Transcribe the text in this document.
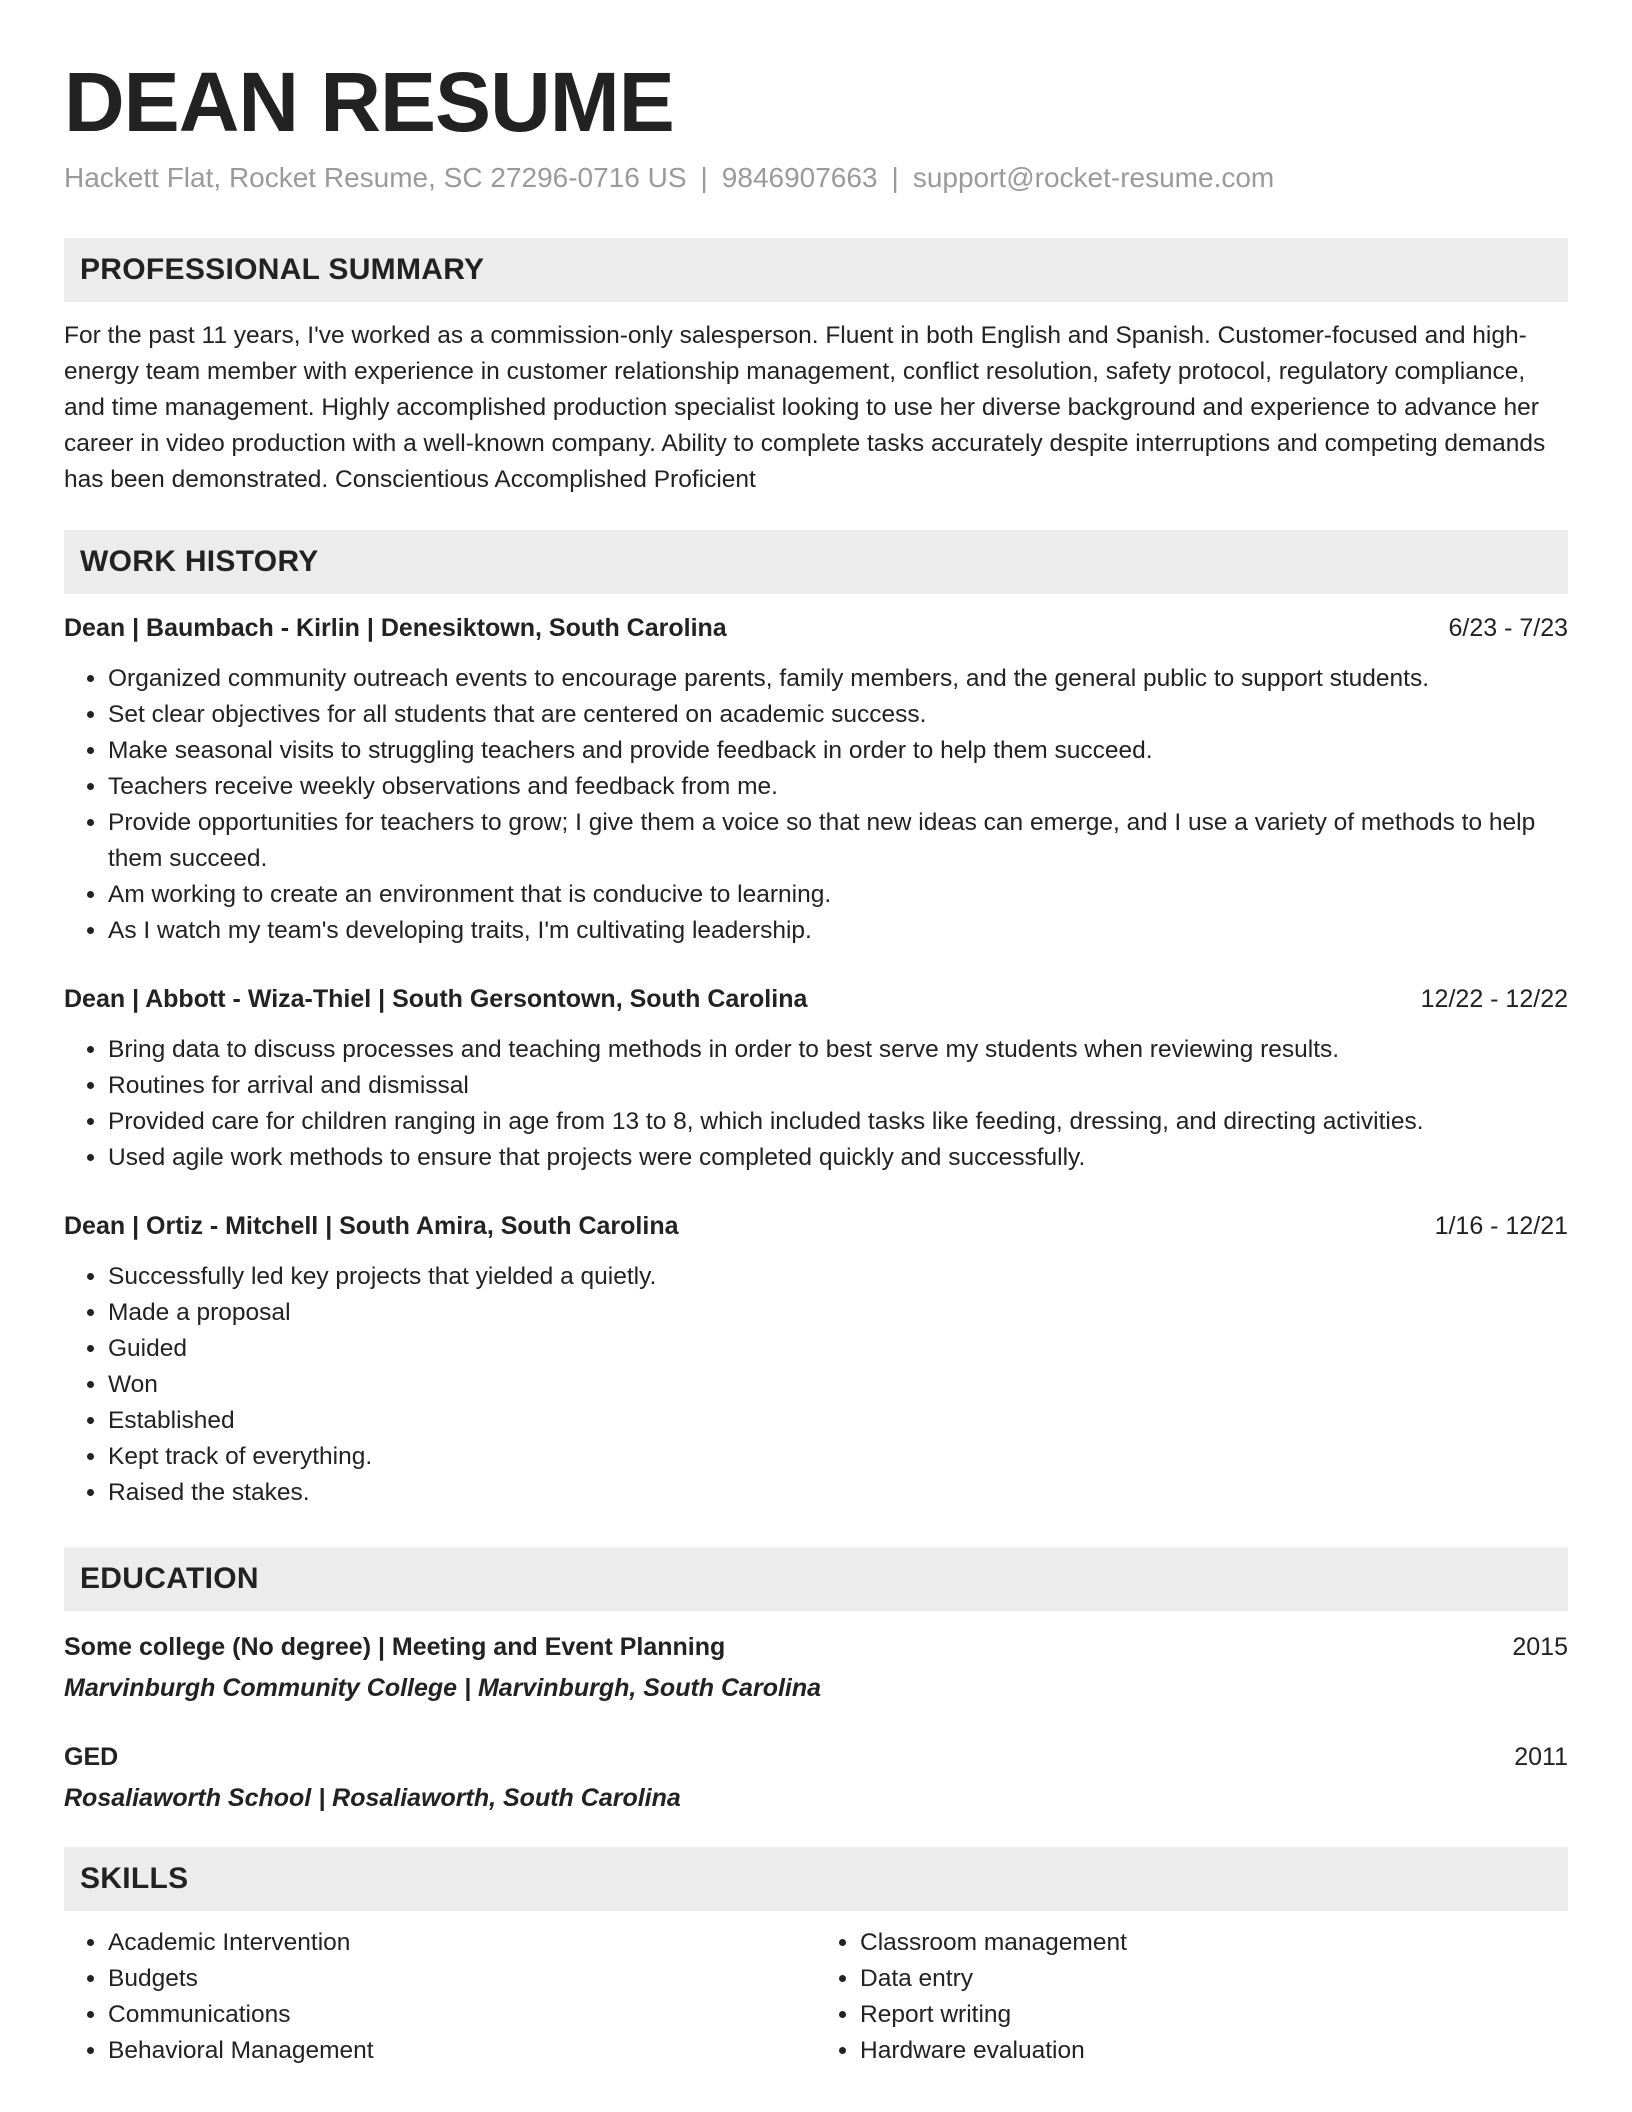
DEAN RESUME
Hackett Flat, Rocket Resume, SC 27296-0716 US | 9846907663 | support@rocket-resume.com
PROFESSIONAL SUMMARY
For the past 11 years, I've worked as a commission-only salesperson. Fluent in both English and Spanish. Customer-focused and high-energy team member with experience in customer relationship management, conflict resolution, safety protocol, regulatory compliance, and time management. Highly accomplished production specialist looking to use her diverse background and experience to advance her career in video production with a well-known company. Ability to complete tasks accurately despite interruptions and competing demands has been demonstrated. Conscientious Accomplished Proficient
WORK HISTORY
Dean | Baumbach - Kirlin | Denesiktown, South Carolina	6/23 - 7/23
• Organized community outreach events to encourage parents, family members, and the general public to support students.
• Set clear objectives for all students that are centered on academic success.
• Make seasonal visits to struggling teachers and provide feedback in order to help them succeed.
• Teachers receive weekly observations and feedback from me.
• Provide opportunities for teachers to grow; I give them a voice so that new ideas can emerge, and I use a variety of methods to help them succeed.
• Am working to create an environment that is conducive to learning.
• As I watch my team's developing traits, I'm cultivating leadership.
Dean | Abbott - Wiza-Thiel | South Gersontown, South Carolina	12/22 - 12/22
• Bring data to discuss processes and teaching methods in order to best serve my students when reviewing results.
• Routines for arrival and dismissal
• Provided care for children ranging in age from 13 to 8, which included tasks like feeding, dressing, and directing activities.
• Used agile work methods to ensure that projects were completed quickly and successfully.
Dean | Ortiz - Mitchell | South Amira, South Carolina	1/16 - 12/21
• Successfully led key projects that yielded a quietly.
• Made a proposal
• Guided
• Won
• Established
• Kept track of everything.
• Raised the stakes.
EDUCATION
Some college (No degree) | Meeting and Event Planning	2015
Marvinburgh Community College | Marvinburgh, South Carolina
GED	2011
Rosaliaworth School | Rosaliaworth, South Carolina
SKILLS
• Academic Intervention
• Budgets
• Communications
• Behavioral Management
• Classroom management
• Data entry
• Report writing
• Hardware evaluation
